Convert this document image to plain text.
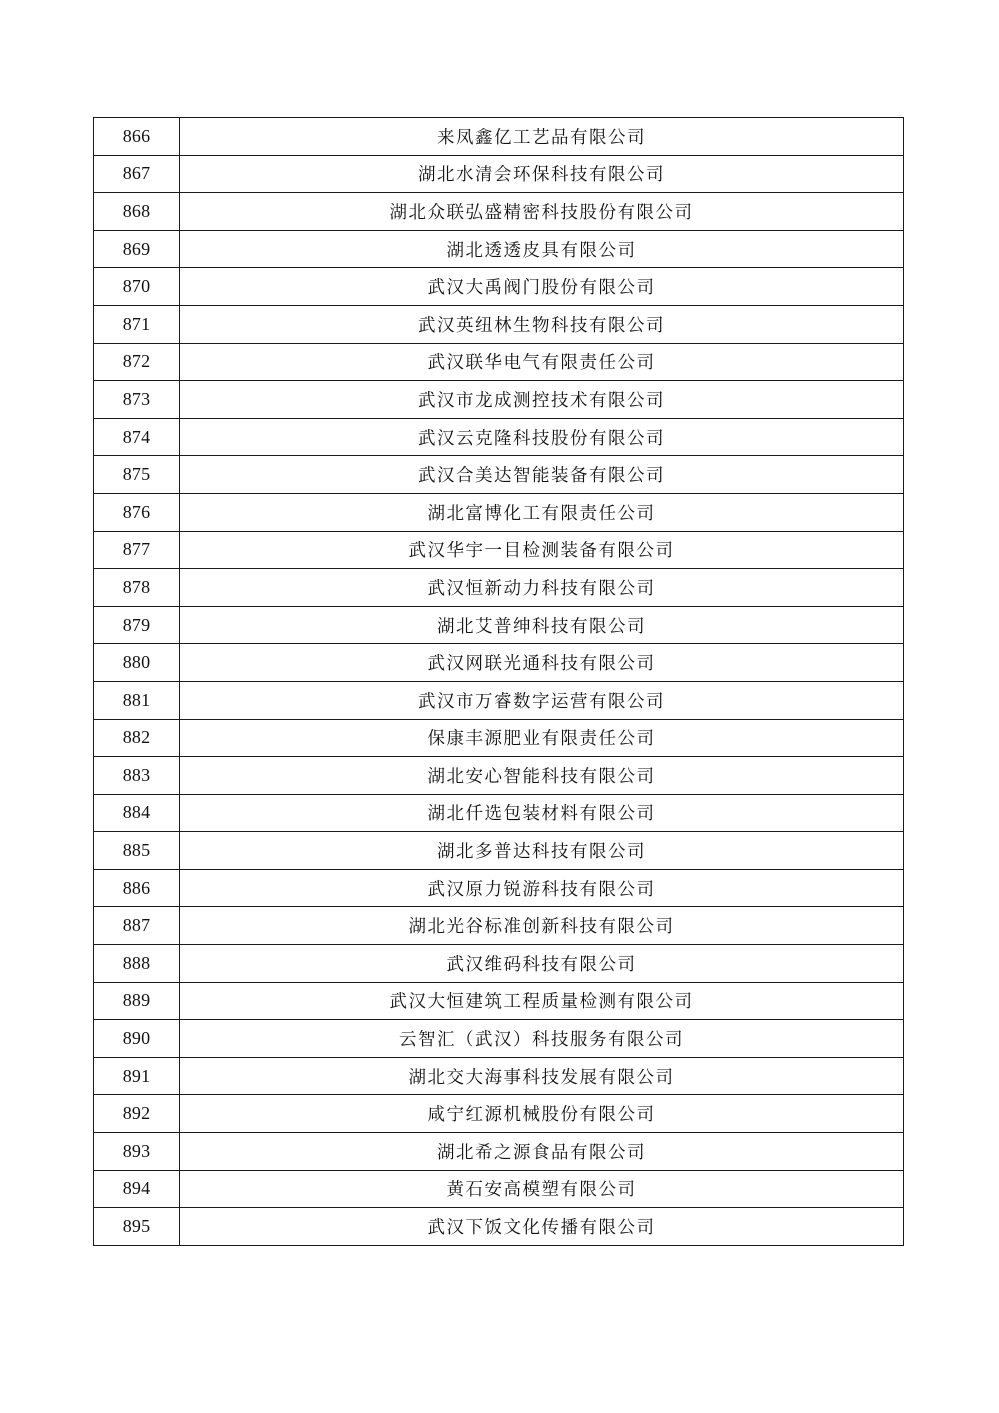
866	来凤鑫亿工艺品有限公司
867	湖北水清会环保科技有限公司
868	湖北众联弘盛精密科技股份有限公司
869	湖北透透皮具有限公司
870	武汉大禹阀门股份有限公司
871	武汉英纽林生物科技有限公司
872	武汉联华电气有限责任公司
873	武汉市龙成测控技术有限公司
874	武汉云克隆科技股份有限公司
875	武汉合美达智能装备有限公司
876	湖北富博化工有限责任公司
877	武汉华宇一目检测装备有限公司
878	武汉恒新动力科技有限公司
879	湖北艾普绅科技有限公司
880	武汉网联光通科技有限公司
881	武汉市万睿数字运营有限公司
882	保康丰源肥业有限责任公司
883	湖北安心智能科技有限公司
884	湖北仟选包装材料有限公司
885	湖北多普达科技有限公司
886	武汉原力锐游科技有限公司
887	湖北光谷标准创新科技有限公司
888	武汉维码科技有限公司
889	武汉大恒建筑工程质量检测有限公司
890	云智汇（武汉）科技服务有限公司
891	湖北交大海事科技发展有限公司
892	咸宁红源机械股份有限公司
893	湖北希之源食品有限公司
894	黄石安高模塑有限公司
895	武汉下饭文化传播有限公司
